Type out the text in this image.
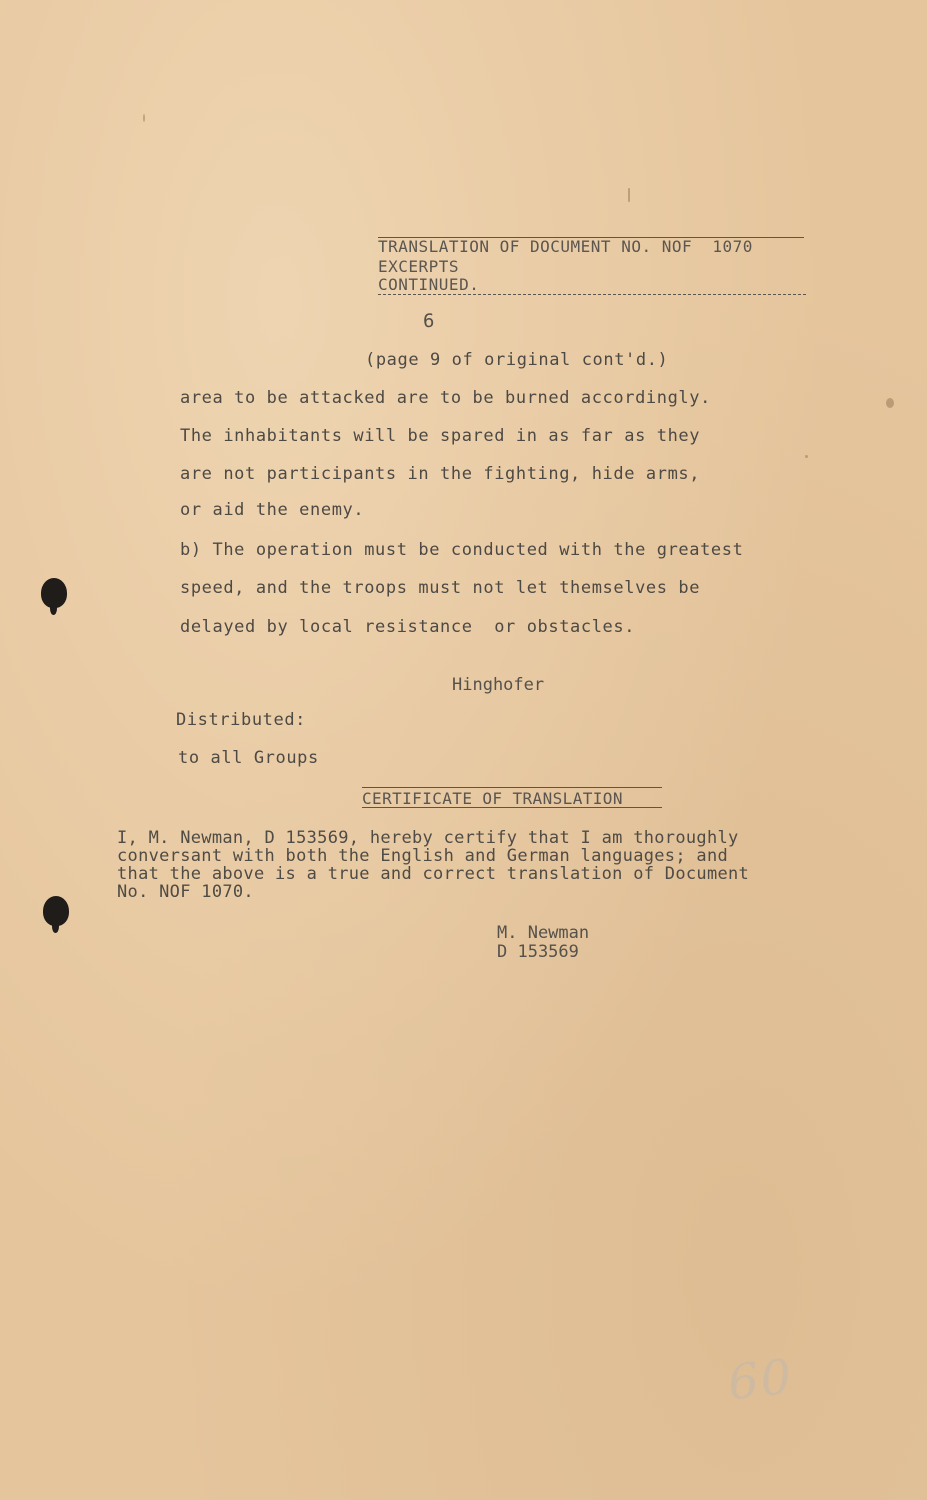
TRANSLATION OF DOCUMENT NO. NOF  1070
EXCERPTS
CONTINUED.
6
(page 9 of original cont'd.)
area to be attacked are to be burned accordingly.
The inhabitants will be spared in as far as they
are not participants in the fighting, hide arms,
or aid the enemy.
b) The operation must be conducted with the greatest
speed, and the troops must not let themselves be
delayed by local resistance  or obstacles.
Hinghofer
Distributed:
to all Groups
CERTIFICATE OF TRANSLATION
I, M. Newman, D 153569, hereby certify that I am thoroughly
conversant with both the English and German languages; and
that the above is a true and correct translation of Document
No. NOF 1070.
M. Newman
D 153569
60
